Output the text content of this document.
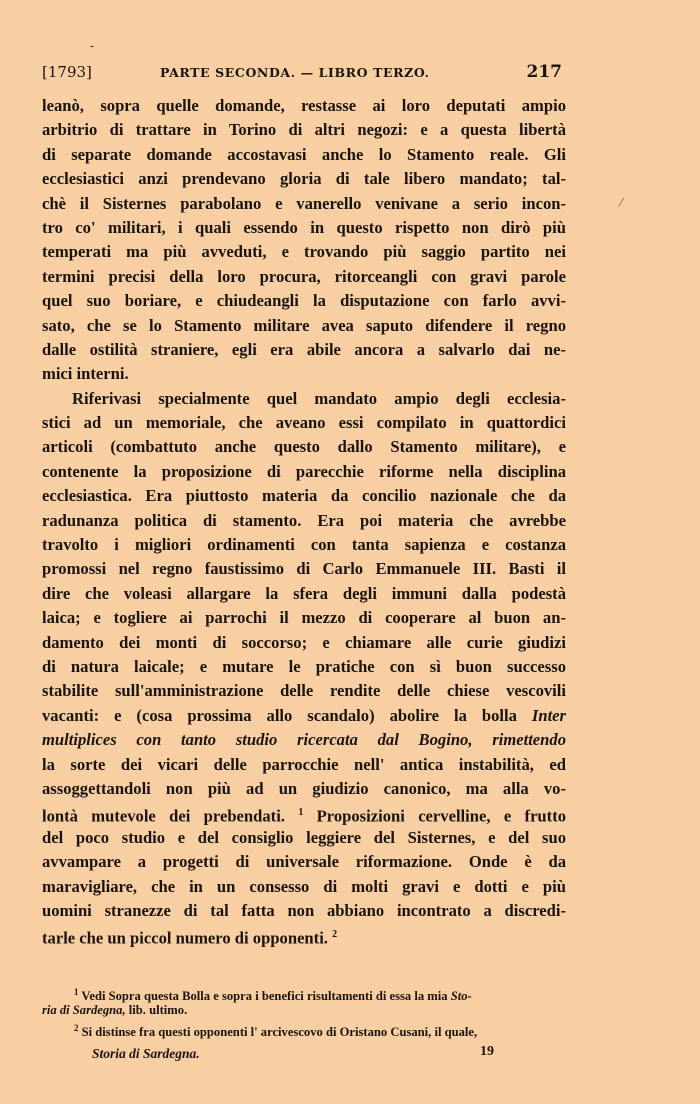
-
[1793]	PARTE SECONDA. — LIBRO TERZO.	217
⁄
leanò, sopra quelle domande, restasse ai loro deputati ampio
arbitrio di trattare in Torino di altri negozi: e a questa libertà
di separate domande accostavasi anche lo Stamento reale. Gli
ecclesiastici anzi prendevano gloria di tale libero mandato; tal-
chè il Sisternes parabolano e vanerello venivane a serio incon-
tro co' militari, i quali essendo in questo rispetto non dirò più
temperati ma più avveduti, e trovando più saggio partito nei
termini precisi della loro procura, ritorceangli con gravi parole
quel suo boriare, e chiudeangli la disputazione con farlo avvi-
sato, che se lo Stamento militare avea saputo difendere il regno
dalle ostilità straniere, egli era abile ancora a salvarlo dai ne-
mici interni.
Riferivasi specialmente quel mandato ampio degli ecclesia-
stici ad un memoriale, che aveano essi compilato in quattordici
articoli (combattuto anche questo dallo Stamento militare), e
contenente la proposizione di parecchie riforme nella disciplina
ecclesiastica. Era piuttosto materia da concilio nazionale che da
radunanza politica di stamento. Era poi materia che avrebbe
travolto i migliori ordinamenti con tanta sapienza e costanza
promossi nel regno faustissimo di Carlo Emmanuele III. Basti il
dire che voleasi allargare la sfera degli immuni dalla podestà
laica; e togliere ai parrochi il mezzo di cooperare al buon an-
damento dei monti di soccorso; e chiamare alle curie giudizi
di natura laicale; e mutare le pratiche con sì buon successo
stabilite sull'amministrazione delle rendite delle chiese vescovili
vacanti: e (cosa prossima allo scandalo) abolire la bolla Inter
multiplices con tanto studio ricercata dal Bogino, rimettendo
la sorte dei vicari delle parrocchie nell' antica instabilità, ed
assoggettandoli non più ad un giudizio canonico, ma alla vo-
lontà mutevole dei prebendati. $^1$ Proposizioni cervelline, e frutto
del poco studio e del consiglio leggiere del Sisternes, e del suo
avvampare a progetti di universale riformazione. Onde è da
maravigliare, che in un consesso di molti gravi e dotti e più
uomini stranezze di tal fatta non abbiano incontrato a discredi-
tarle che un piccol numero di opponenti. $^2$
$^1$ Vedi Sopra questa Bolla e sopra i benefici risultamenti di essa la mia Sto-
ria di Sardegna, lib. ultimo.
$^2$ Si distinse fra questi opponenti l' arcivescovo di Oristano Cusani, il quale,
Storia di Sardegna.	19
